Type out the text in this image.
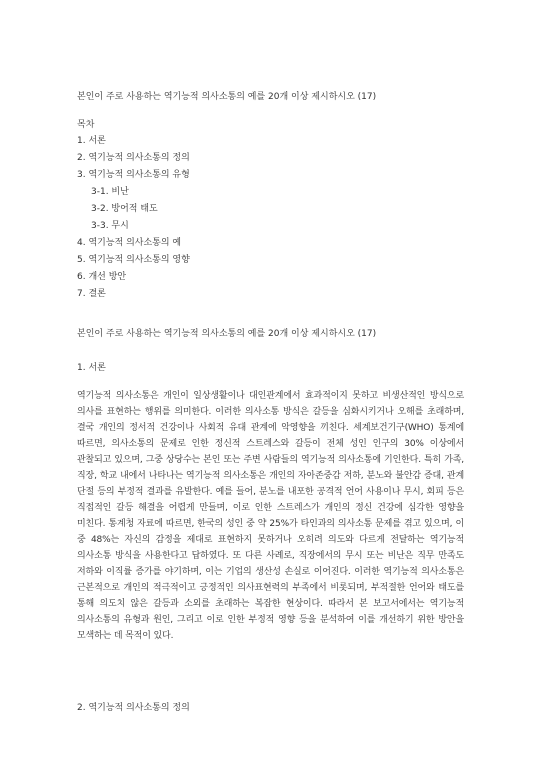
본인이 주로 사용하는 역기능적 의사소통의 예를 20개 이상 제시하시오 (17)
목차
1. 서론
2. 역기능적 의사소통의 정의
3. 역기능적 의사소통의 유형
3-1. 비난
3-2. 방어적 태도
3-3. 무시
4. 역기능적 의사소통의 예
5. 역기능적 의사소통의 영향
6. 개선 방안
7. 결론
본인이 주로 사용하는 역기능적 의사소통의 예를 20개 이상 제시하시오 (17)
1. 서론

역기능적 의사소통은 개인이 일상생활이나 대인관계에서 효과적이지 못하고 비생산적인 방식으로 의사를 표현하는 행위를 의미한다. 이러한 의사소통 방식은 갈등을 심화시키거나 오해를 초래하며, 결국 개인의 정서적 건강이나 사회적 유대 관계에 악영향을 끼친다. 세계보건기구(WHO) 통계에 따르면, 의사소통의 문제로 인한 정신적 스트레스와 갈등이 전체 성인 인구의 30% 이상에서 관찰되고 있으며, 그중 상당수는 본인 또는 주변 사람들의 역기능적 의사소통에 기인한다. 특히 가족, 직장, 학교 내에서 나타나는 역기능적 의사소통은 개인의 자아존중감 저하, 분노와 불안감 증대, 관계 단절 등의 부정적 결과를 유발한다. 예를 들어, 분노를 내포한 공격적 언어 사용이나 무시, 회피 등은 직접적인 갈등 해결을 어렵게 만들며, 이로 인한 스트레스가 개인의 정신 건강에 심각한 영향을 미친다. 통계청 자료에 따르면, 한국의 성인 중 약 25%가 타인과의 의사소통 문제를 겪고 있으며, 이 중 48%는 자신의 감정을 제대로 표현하지 못하거나 오히려 의도와 다르게 전달하는 역기능적 의사소통 방식을 사용한다고 답하였다. 또 다른 사례로, 직장에서의 무시 또는 비난은 직무 만족도 저하와 이직률 증가를 야기하며, 이는 기업의 생산성 손실로 이어진다. 이러한 역기능적 의사소통은 근본적으로 개인의 적극적이고 긍정적인 의사표현력의 부족에서 비롯되며, 부적절한 언어와 태도를 통해 의도치 않은 갈등과 소외를 초래하는 복잡한 현상이다. 따라서 본 보고서에서는 역기능적 의사소통의 유형과 원인, 그리고 이로 인한 부정적 영향 등을 분석하여 이를 개선하기 위한 방안을 모색하는 데 목적이 있다.

2. 역기능적 의사소통의 정의
